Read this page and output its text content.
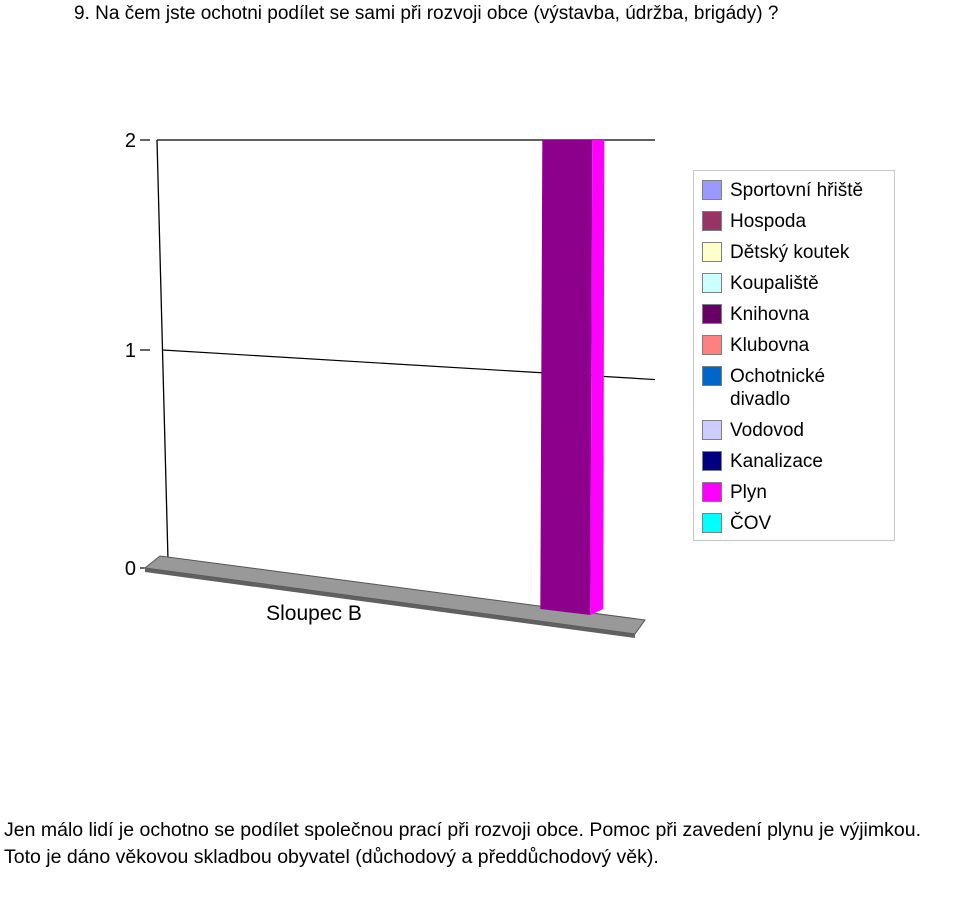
9. Na čem jste ochotni podílet se sami při rozvoji obce (výstavba, údržba, brigády) ?
0
1
2
Sloupec B
Sportovní hřiště
Hospoda
Dětský koutek
Koupaliště
Knihovna
Klubovna
Ochotnické divadlo
Vodovod
Kanalizace
Plyn
ČOV
Jen málo lidí je ochotno se podílet společnou prací při rozvoji obce. Pomoc při zavedení plynu je výjimkou. Toto je dáno věkovou skladbou obyvatel (důchodový a předdůchodový věk).
